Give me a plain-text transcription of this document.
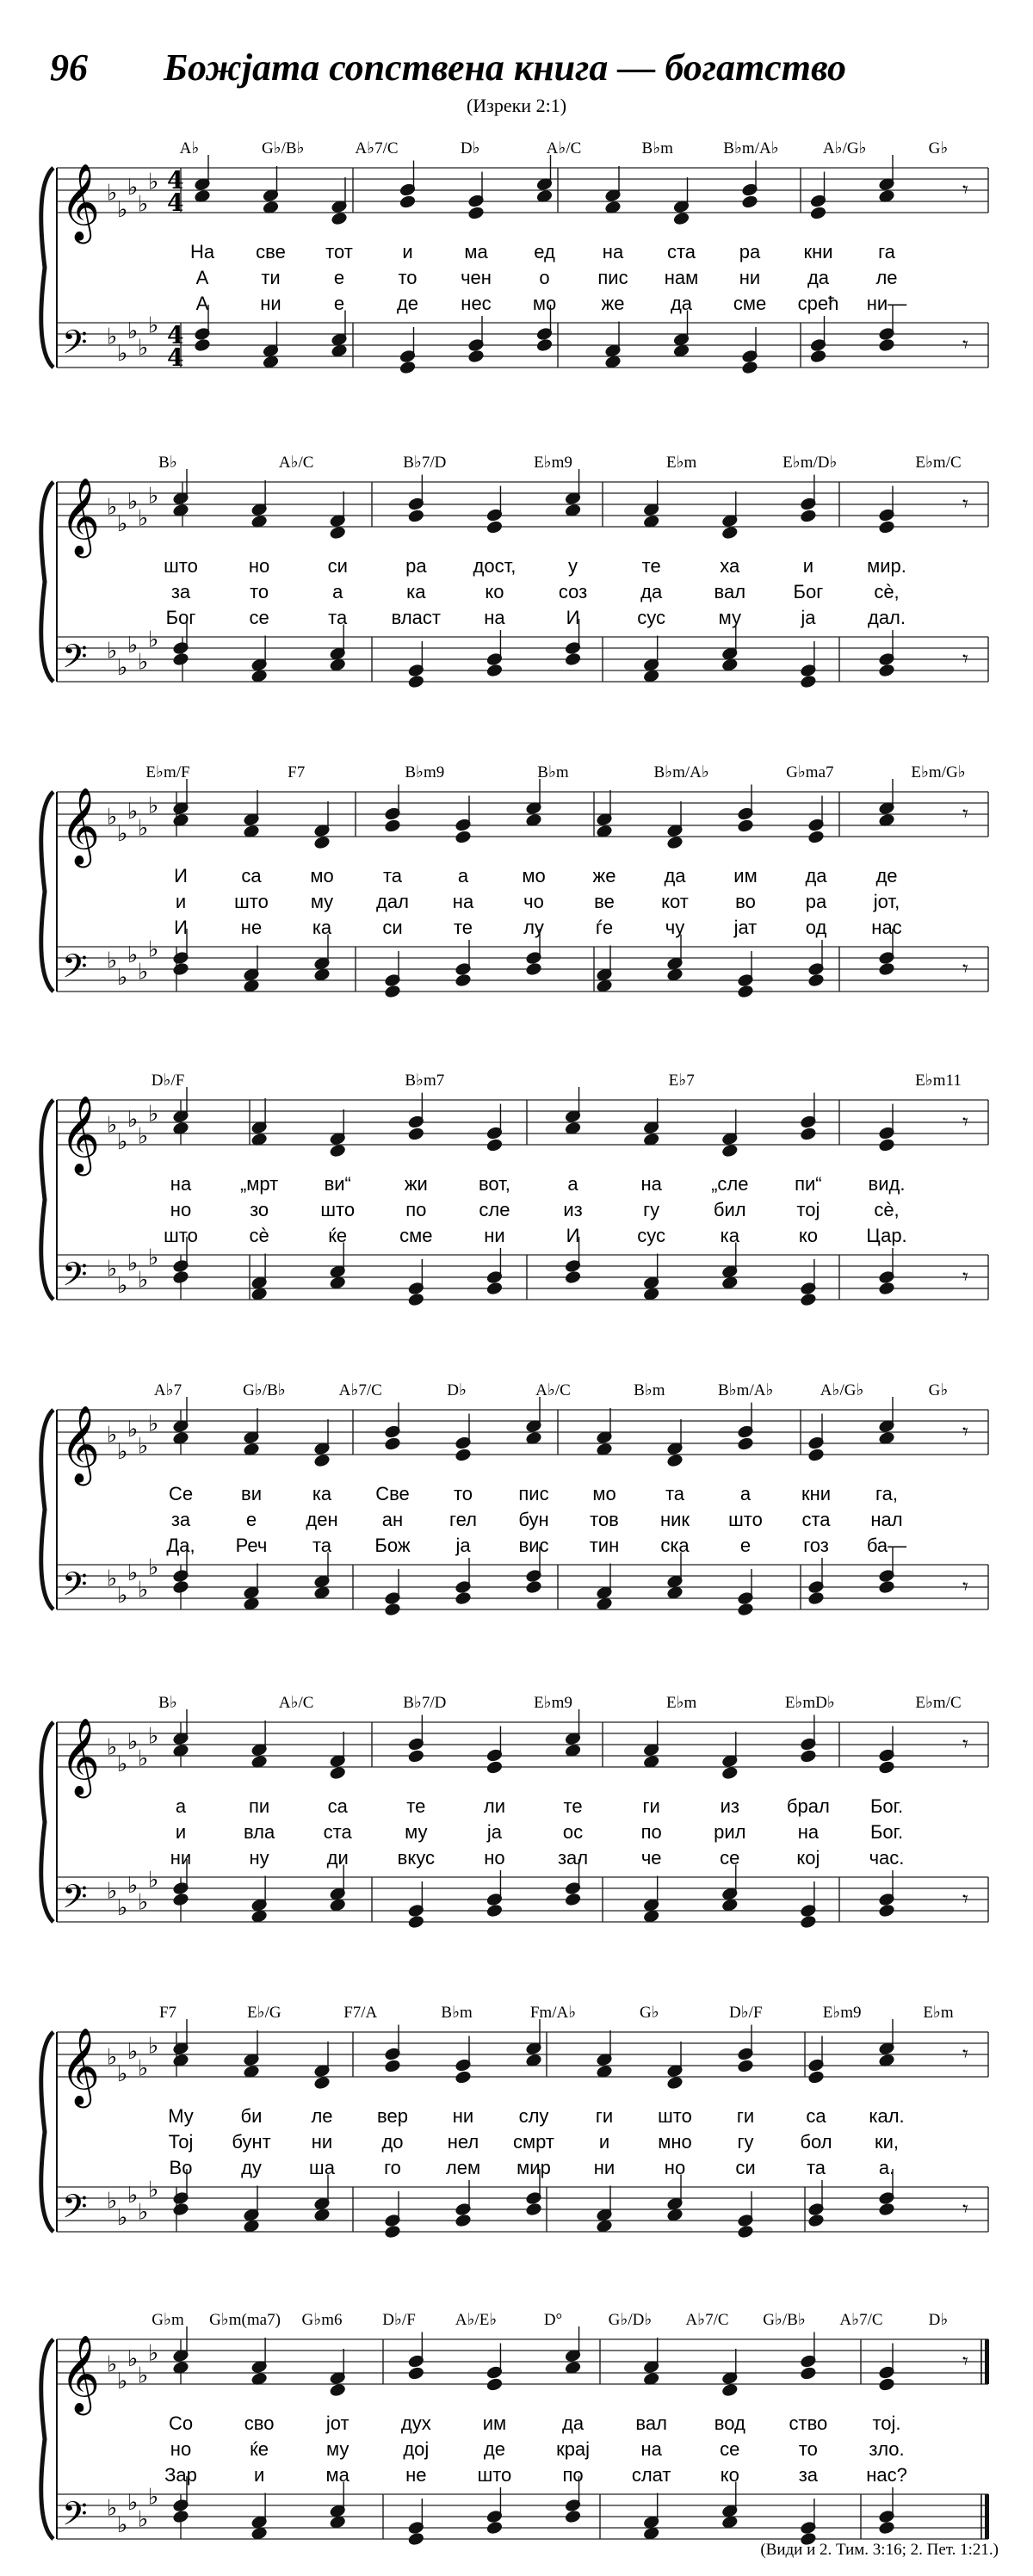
96 Божјата сопствена книга — богатство
(Изреки 2:1)
𝄞 ♭
♭
♭
♭
♭ 4
4
𝄢 ♭
♭
♭
♭
♭ 4
4
A♭	G♭/B♭	A♭7/C	D♭	A♭/C	B♭m	B♭m/A♭	A♭/G♭	G♭
На све тот	и	ма ед	на ста ра кни га
А	ти	е	то чен	о	пис нам ни да ле
А	ни	е	де нес мо же да сме срећ ни—
𝄾
𝄾
𝄞 ♭
♭
♭
♭
♭
𝄢 ♭
♭
♭
♭
♭
B♭	A♭/C	B♭7/D	E♭m9	E♭m	E♭m/D♭	E♭m/C
што	но	си	ра дост,	у	те	ха	и	мир.
за	то	а	ка	ко	соз	да	вал	Бог	сè,
Бог	се	та власт на	И	сус	му	ја	дал.
𝄾
𝄾
𝄞 ♭
♭
♭
♭
♭
𝄢 ♭
♭
♭
♭
♭
E♭m/F	F7	B♭m9	B♭m	B♭m/A♭	G♭ma7	E♭m/G♭
И	са	мо	та	а	мо же	да	им	да	де
и	што му дал на	чо	ве кот во	ра јот,
И	не	ка	си	те	лу	ѓе	чу	јат	од нас
𝄾
𝄾
𝄞 ♭
♭
♭
♭
♭
𝄢 ♭
♭
♭
♭
♭
D♭/F	B♭m7	E♭7	E♭m11
на	„мрт ви“	жи	вот,	а	на	„сле пи“ вид.
но	зо	што	по	сле	из	гу	бил	тој	сè,
што	сè	ќе	сме	ни	И	сус	ка	ко	Цар.
𝄾
𝄾
𝄞 ♭
♭
♭
♭
♭
𝄢 ♭
♭
♭
♭
♭
A♭7	G♭/B♭	A♭7/C	D♭	A♭/C	B♭m	B♭m/A♭	A♭/G♭	G♭
Се	ви	ка Све то пис мо	та	а	кни га,
за	е	ден ан гел бун тов ник што ста нал
Да, Реч та Бож ја	вис тин ска	е	гоз ба—
𝄾
𝄾
𝄞 ♭
♭
♭
♭
♭
𝄢 ♭
♭
♭
♭
♭
B♭	A♭/C	B♭7/D	E♭m9	E♭m	E♭mD♭	E♭m/C
а	пи	са	те	ли	те	ги	из брал Бог.
и	вла	ста	му	ја	ос	по	рил	на	Бог.
ни	ну	ди	вкус	но	зал	че	се	кој	час.
𝄾
𝄾
𝄞 ♭
♭
♭
♭
♭
𝄢 ♭
♭
♭
♭
♭
F7	E♭/G	F7/A	B♭m	Fm/A♭	G♭	D♭/F	E♭m9	E♭m
Му би	ле вер ни слу ги што ги	са кал.
Тој бунт ни	до нел смрт и	мно гу бол ки,
Во	ду	ша	го лем мир ни	но	си	та	а.
𝄾
𝄾
𝄞 ♭
♭
♭
♭
♭
𝄢 ♭
♭
♭
♭
♭
G♭m G♭m(ma7) G♭m6 D♭/F A♭/E♭	D°	G♭/D♭ A♭7/C G♭/B♭ A♭7/C	D♭
Со	сво	јот	дух	им	да	вал вод ство тој.
но	ќе	му	дој	де	крај	на	се	то	зло.
Зар	и	ма	не	што	по	слат	ко	за	нас?
𝄾
(Види и 2. Тим. 3:16; 2. Пет. 1:21.)
